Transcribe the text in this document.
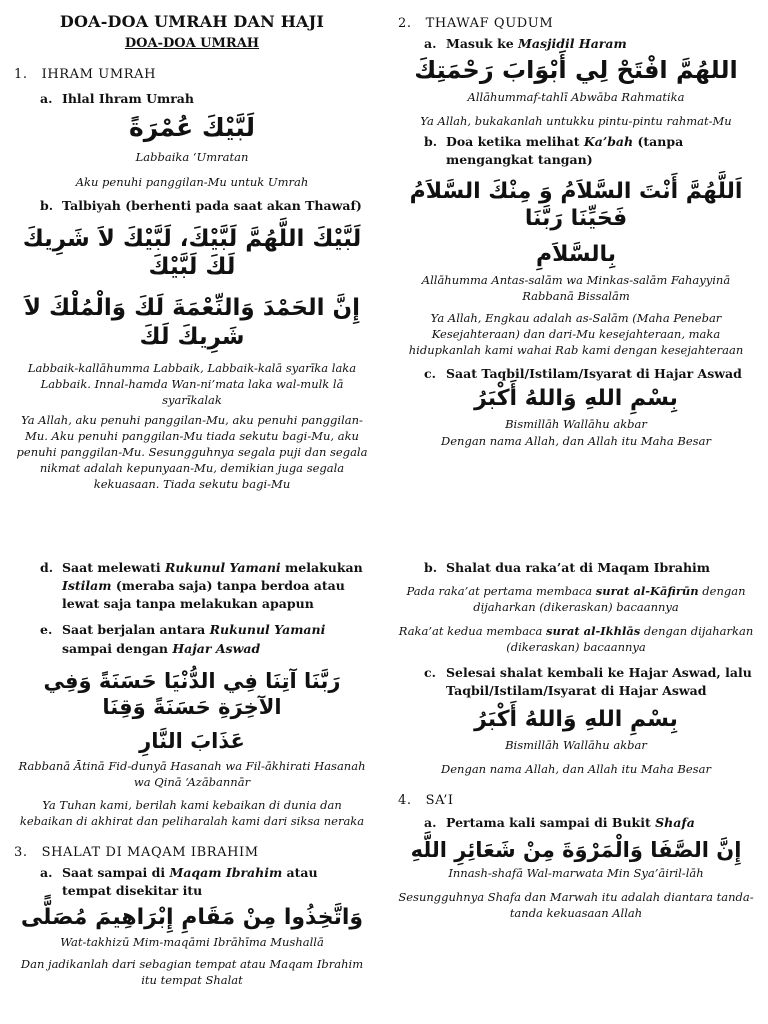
DOA-DOA UMRAH DAN HAJI
DOA-DOA UMRAH
1. IHRAM UMRAH
a. Ihlal Ihram Umrah
لَبَّيْكَ عُمْرَةً
Labbaika ‘Umratan
Aku penuhi panggilan-Mu untuk Umrah
b. Talbiyah (berhenti pada saat akan Thawaf)
لَبَّيْكَ اللَّهُمَّ لَبَّيْكَ، لَبَّيْكَ لاَ شَرِيكَ لَكَ لَبَّيْكَ
إِنَّ الحَمْدَ وَالنِّعْمَةَ لَكَ وَالْمُلْكَ لاَ شَرِيكَ لَكَ
Labbaik-kallāhumma Labbaik, Labbaik-kalā syarīka laka Labbaik. Innal-hamda Wan-ni’mata laka wal-mulk lā syarīkalak
Ya Allah, aku penuhi panggilan-Mu, aku penuhi panggilan-Mu. Aku penuhi panggilan-Mu tiada sekutu bagi-Mu, aku penuhi panggilan-Mu. Sesungguhnya segala puji dan segala nikmat adalah kepunyaan-Mu, demikian juga segala kekuasaan. Tiada sekutu bagi-Mu
2. THAWAF QUDUM
a. Masuk ke Masjidil Haram
اللهُمَّ افْتَحْ لِي أَبْوَابَ رَحْمَتِكَ
Allāhummaf-tahlī Abwāba Rahmatika
Ya Allah, bukakanlah untukku pintu-pintu rahmat-Mu
b. Doa ketika melihat Ka’bah (tanpa mengangkat tangan)
اَللَّهُمَّ أَنْتَ السَّلاَمُ وَ مِنْكَ السَّلاَمُ فَحَيِّنَا رَبَّنَا
بِالسَّلاَمِ
Allāhumma Antas-salām wa Minkas-salām Fahayyinā Rabbanā Bissalām
Ya Allah, Engkau adalah as-Salām (Maha Penebar Kesejahteraan) dan dari-Mu kesejahteraan, maka hidupkanlah kami wahai Rab kami dengan kesejahteraan
c. Saat Taqbil/Istilam/Isyarat di Hajar Aswad
بِسْمِ اللهِ وَاللهُ أَكْبَرُ
Bismillāh Wallāhu akbar
Dengan nama Allah, dan Allah itu Maha Besar
d. Saat melewati Rukunul Yamani melakukan Istilam (meraba saja) tanpa berdoa atau lewat saja tanpa melakukan apapun
e. Saat berjalan antara Rukunul Yamani sampai dengan Hajar Aswad
رَبَّنَا آتِنَا فِي الدُّنْيَا حَسَنَةً وَفِي الآخِرَةِ حَسَنَةً وَقِنَا
عَذَابَ النَّارِ
Rabbanā Ātinā Fid-dunyā Hasanah wa Fil-ākhirati Hasanah wa Qinā ‘Azābannār
Ya Tuhan kami, berilah kami kebaikan di dunia dan kebaikan di akhirat dan peliharalah kami dari siksa neraka
3. SHALAT DI MAQAM IBRAHIM
a. Saat sampai di Maqam Ibrahim atau tempat disekitar itu
وَاتَّخِذُوا مِنْ مَقَامِ إِبْرَاهِيمَ مُصَلًّى
Wat-takhizū Mim-maqāmi Ibrāhīma Mushallā
Dan jadikanlah dari sebagian tempat atau Maqam Ibrahim itu tempat Shalat
b. Shalat dua raka’at di Maqam Ibrahim
Pada raka’at pertama membaca surat al-Kāfirūn dengan dijaharkan (dikeraskan) bacaannya
Raka’at kedua membaca surat al-Ikhlās dengan dijaharkan (dikeraskan) bacaannya
c. Selesai shalat kembali ke Hajar Aswad, lalu Taqbil/Istilam/Isyarat di Hajar Aswad
بِسْمِ اللهِ وَاللهُ أَكْبَرُ
Bismillāh Wallāhu akbar
Dengan nama Allah, dan Allah itu Maha Besar
4. SA’I
a. Pertama kali sampai di Bukit Shafa
إِنَّ الصَّفَا وَالْمَرْوَةَ مِنْ شَعَائِرِ اللَّهِ
Innash-shafā Wal-marwata Min Sya’āiril-lāh
Sesungguhnya Shafa dan Marwah itu adalah diantara tanda-tanda kekuasaan Allah
